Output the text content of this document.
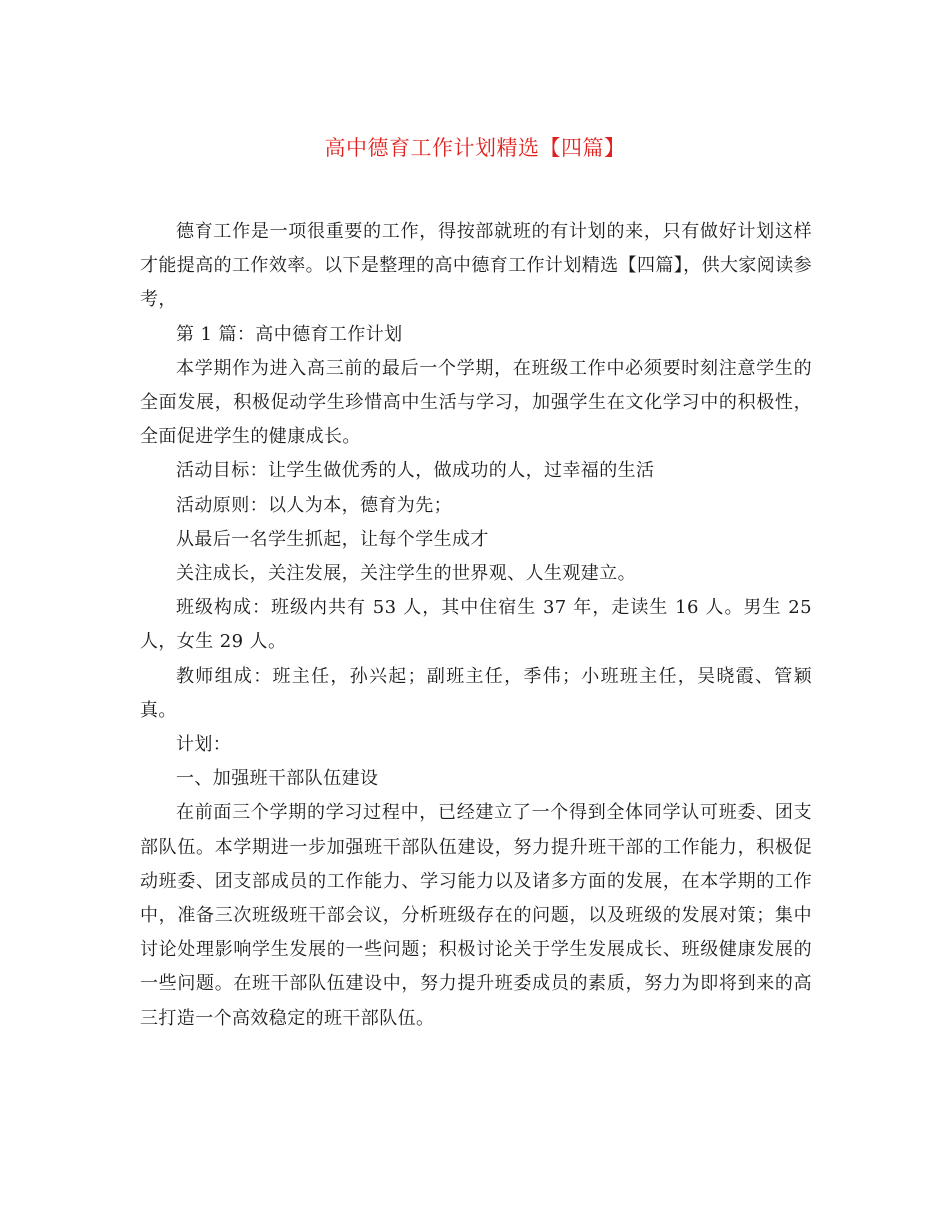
高中德育工作计划精选【四篇】

德育工作是一项很重要的工作，得按部就班的有计划的来，只有做好计划这样才能提高的工作效率。以下是整理的高中德育工作计划精选【四篇】，供大家阅读参考，

第 1 篇：高中德育工作计划

本学期作为进入高三前的最后一个学期，在班级工作中必须要时刻注意学生的全面发展，积极促动学生珍惜高中生活与学习，加强学生在文化学习中的积极性，全面促进学生的健康成长。

活动目标：让学生做优秀的人，做成功的人，过幸福的生活

活动原则：以人为本，德育为先；

从最后一名学生抓起，让每个学生成才

关注成长，关注发展，关注学生的世界观、人生观建立。

班级构成：班级内共有 53 人，其中住宿生 37 年，走读生 16 人。男生 25 人，女生 29 人。

教师组成：班主任，孙兴起；副班主任，季伟；小班班主任，吴晓霞、管颖真。

计划：

一、加强班干部队伍建设

在前面三个学期的学习过程中，已经建立了一个得到全体同学认可班委、团支部队伍。本学期进一步加强班干部队伍建设，努力提升班干部的工作能力，积极促动班委、团支部成员的工作能力、学习能力以及诸多方面的发展，在本学期的工作中，准备三次班级班干部会议，分析班级存在的问题，以及班级的发展对策；集中讨论处理影响学生发展的一些问题；积极讨论关于学生发展成长、班级健康发展的一些问题。在班干部队伍建设中，努力提升班委成员的素质，努力为即将到来的高三打造一个高效稳定的班干部队伍。
